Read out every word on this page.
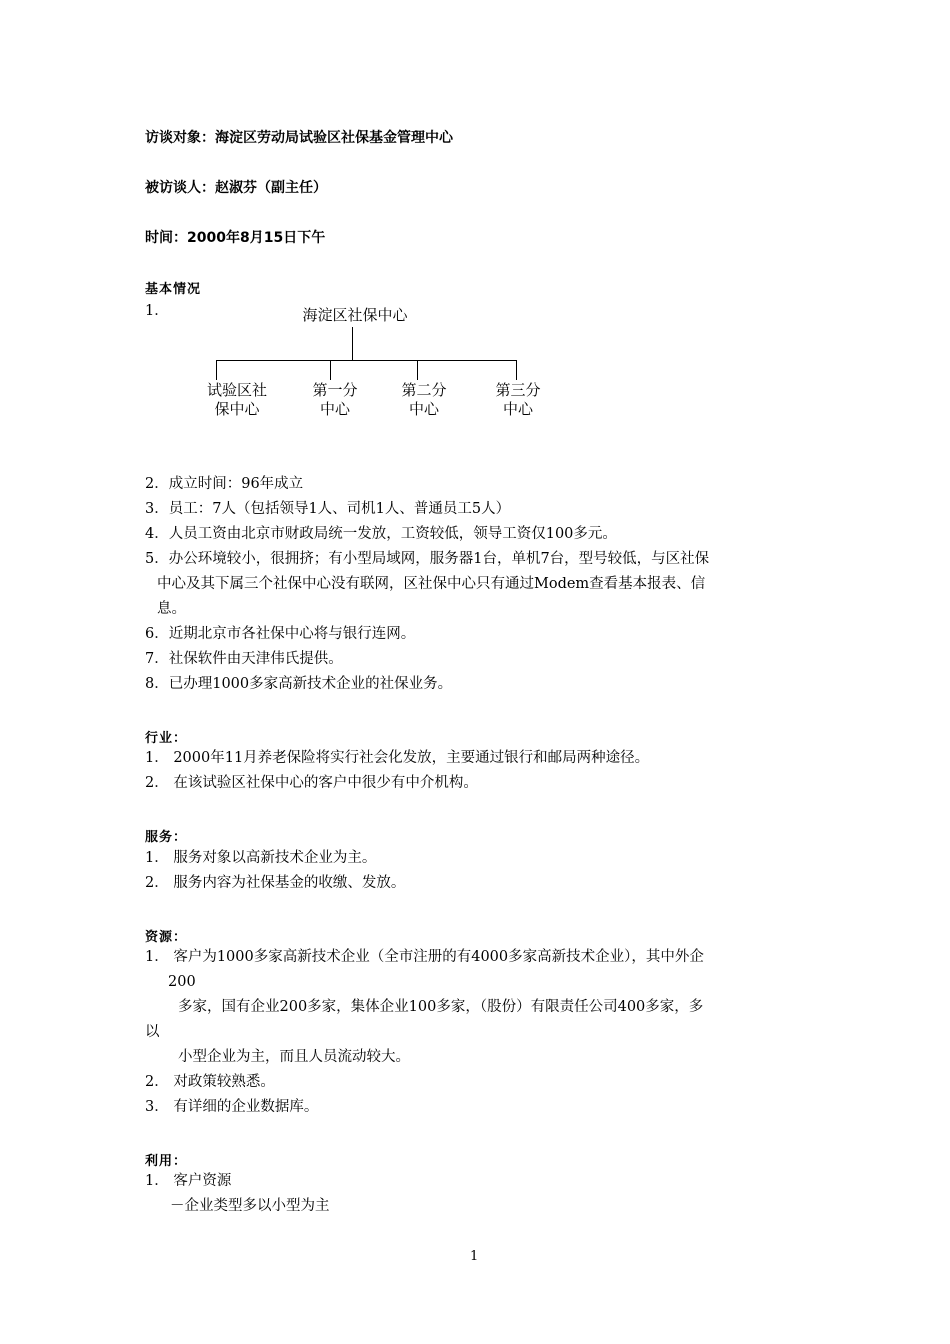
访谈对象：海淀区劳动局试验区社保基金管理中心
被访谈人：赵淑芬（副主任）
时间：2000年8月15日下午
基本情况
1．	海淀区社保中心
试验区社
保中心
第一分
中心
第二分
中心
第三分
中心
2．成立时间：96年成立
3．员工：7人（包括领导1人、司机1人、普通员工5人）
4．人员工资由北京市财政局统一发放，工资较低，领导工资仅100多元。
5．办公环境较小，很拥挤；有小型局域网，服务器1台，单机7台，型号较低，与区社保
中心及其下属三个社保中心没有联网，区社保中心只有通过Modem查看基本报表、信
息。
6．近期北京市各社保中心将与银行连网。
7．社保软件由天津伟氏提供。
8．已办理1000多家高新技术企业的社保业务。
行业：
1． 2000年11月养老保险将实行社会化发放，主要通过银行和邮局两种途径。
2． 在该试验区社保中心的客户中很少有中介机构。
服务：
1． 服务对象以高新技术企业为主。
2． 服务内容为社保基金的收缴、发放。
资源：
1． 客户为1000多家高新技术企业（全市注册的有4000多家高新技术企业），其中外企
200
多家，国有企业200多家，集体企业100多家，（股份）有限责任公司400多家，多
以
小型企业为主，而且人员流动较大。
2． 对政策较熟悉。
3． 有详细的企业数据库。
利用：
1． 客户资源
－企业类型多以小型为主
1
